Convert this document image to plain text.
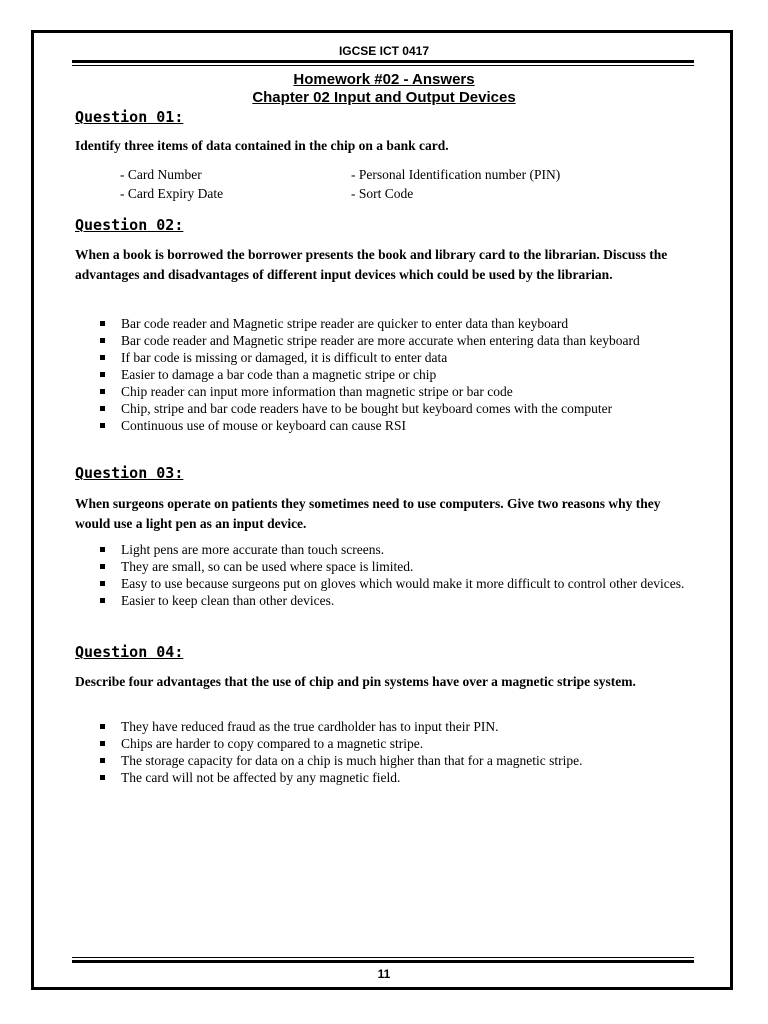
IGCSE ICT 0417
Homework #02 - Answers
Chapter 02 Input and Output Devices
Question 01:
Identify three items of data contained in the chip on a bank card.
- Card Number	- Personal Identification number (PIN)
- Card Expiry Date	- Sort Code
Question 02:
When a book is borrowed the borrower presents the book and library card to the librarian. Discuss the advantages and disadvantages of different input devices which could be used by the librarian.
Bar code reader and Magnetic stripe reader are quicker to enter data than keyboard
Bar code reader and Magnetic stripe reader are more accurate when entering data than keyboard
If bar code is missing or damaged, it is difficult to enter data
Easier to damage a bar code than a magnetic stripe or chip
Chip reader can input more information than magnetic stripe or bar code
Chip, stripe and bar code readers have to be bought but keyboard comes with the computer
Continuous use of mouse or keyboard can cause RSI
Question 03:
When surgeons operate on patients they sometimes need to use computers. Give two reasons why they would use a light pen as an input device.
Light pens are more accurate than touch screens.
They are small, so can be used where space is limited.
Easy to use because surgeons put on gloves which would make it more difficult to control other devices.
Easier to keep clean than other devices.
Question 04:
Describe four advantages that the use of chip and pin systems have over a magnetic stripe system.
They have reduced fraud as the true cardholder has to input their PIN.
Chips are harder to copy compared to a magnetic stripe.
The storage capacity for data on a chip is much higher than that for a magnetic stripe.
The card will not be affected by any magnetic field.
11
